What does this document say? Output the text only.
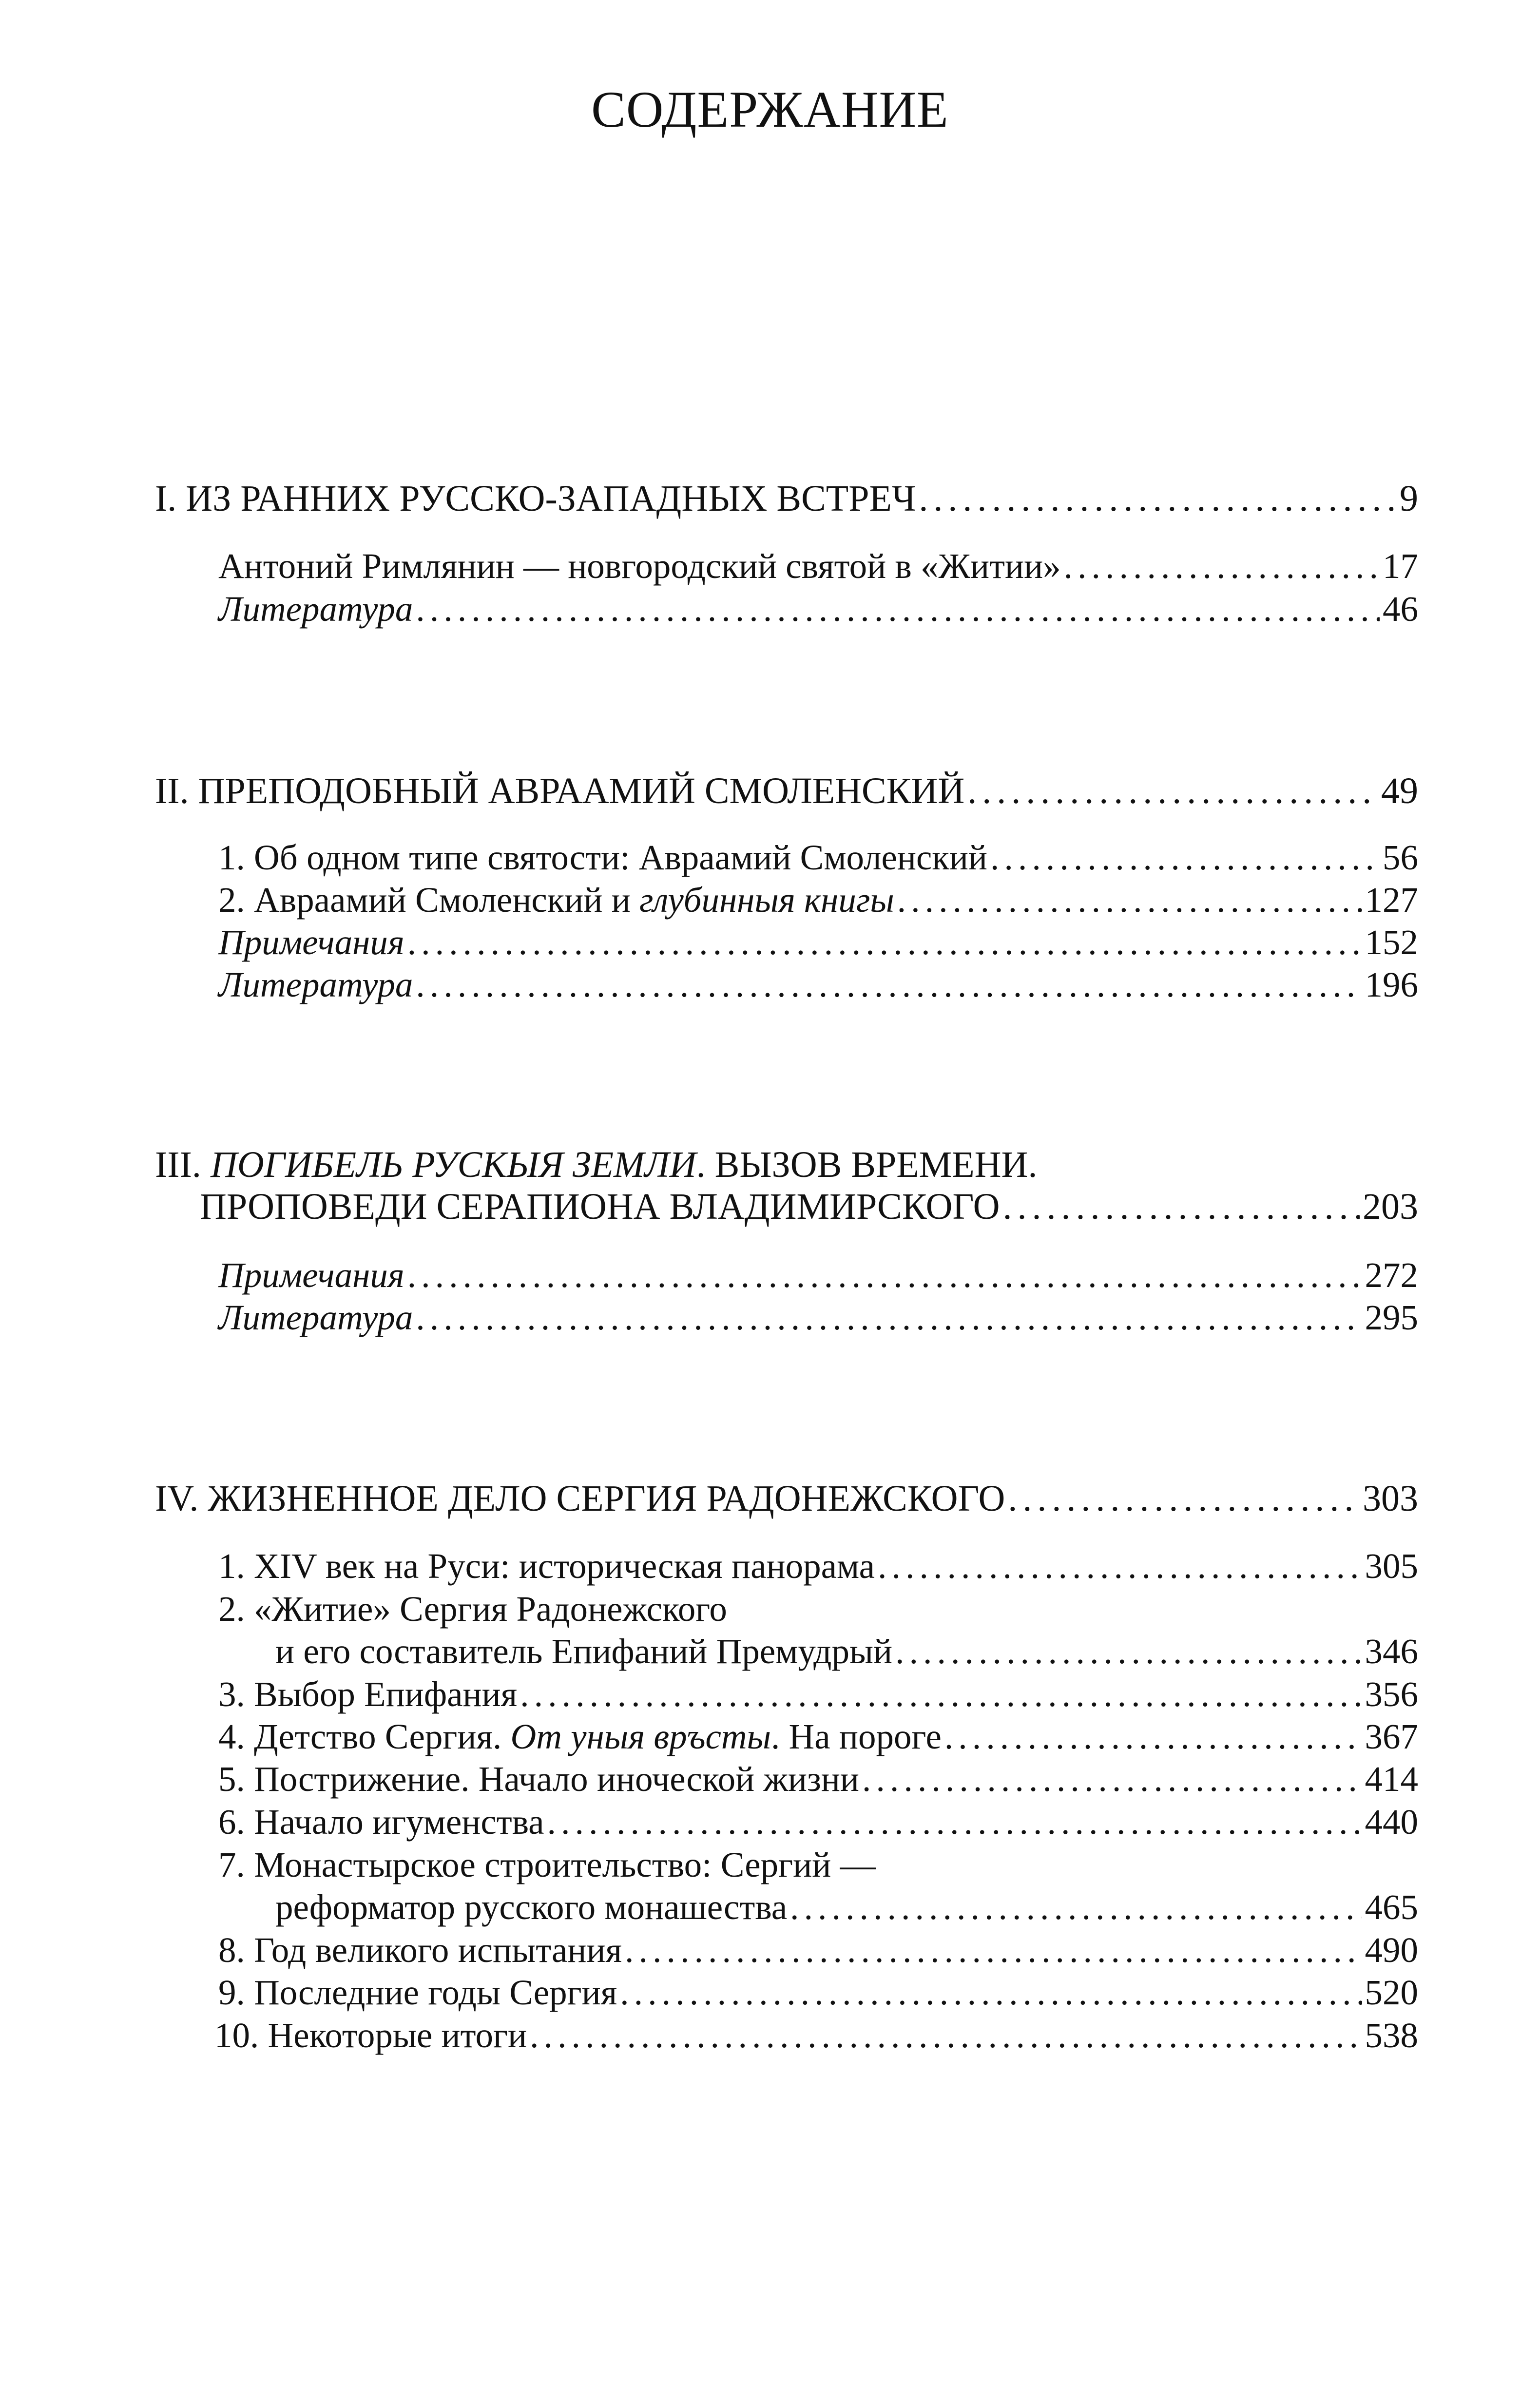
СОДЕРЖАНИЕ
I. ИЗ РАННИХ РУССКО-ЗАПАДНЫХ ВСТРЕЧ . . .	9
Антоний Римлянин — новгородский святой в «Житии» . . .	17
Литература . . .	46
II. ПРЕПОДОБНЫЙ АВРААМИЙ СМОЛЕНСКИЙ . . .	49
1. Об одном типе святости: Авраамий Смоленский . . .	56
2. Авраамий Смоленский и глубинныя книгы . . .	127
Примечания . . .	152
Литература . . .	196
III. ПОГИБЕЛЬ РУСКЫЯ ЗЕМЛИ. ВЫЗОВ ВРЕМЕНИ.
ПРОПОВЕДИ СЕРАПИОНА ВЛАДИМИРСКОГО . . .	203
Примечания . . .	272
Литература . . .	295
IV. ЖИЗНЕННОЕ ДЕЛО СЕРГИЯ РАДОНЕЖСКОГО . . .	303
1. XIV век на Руси: историческая панорама . . .	305
2. «Житие» Сергия Радонежского
и его составитель Епифаний Премудрый . . .	346
3. Выбор Епифания . . .	356
4. Детство Сергия. От уныя връсты. На пороге . . .	367
5. Пострижение. Начало иноческой жизни . . .	414
6. Начало игуменства . . .	440
7. Монастырское строительство: Сергий —
реформатор русского монашества . . .	465
8. Год великого испытания . . .	490
9. Последние годы Сергия . . .	520
10. Некоторые итоги . . .	538
